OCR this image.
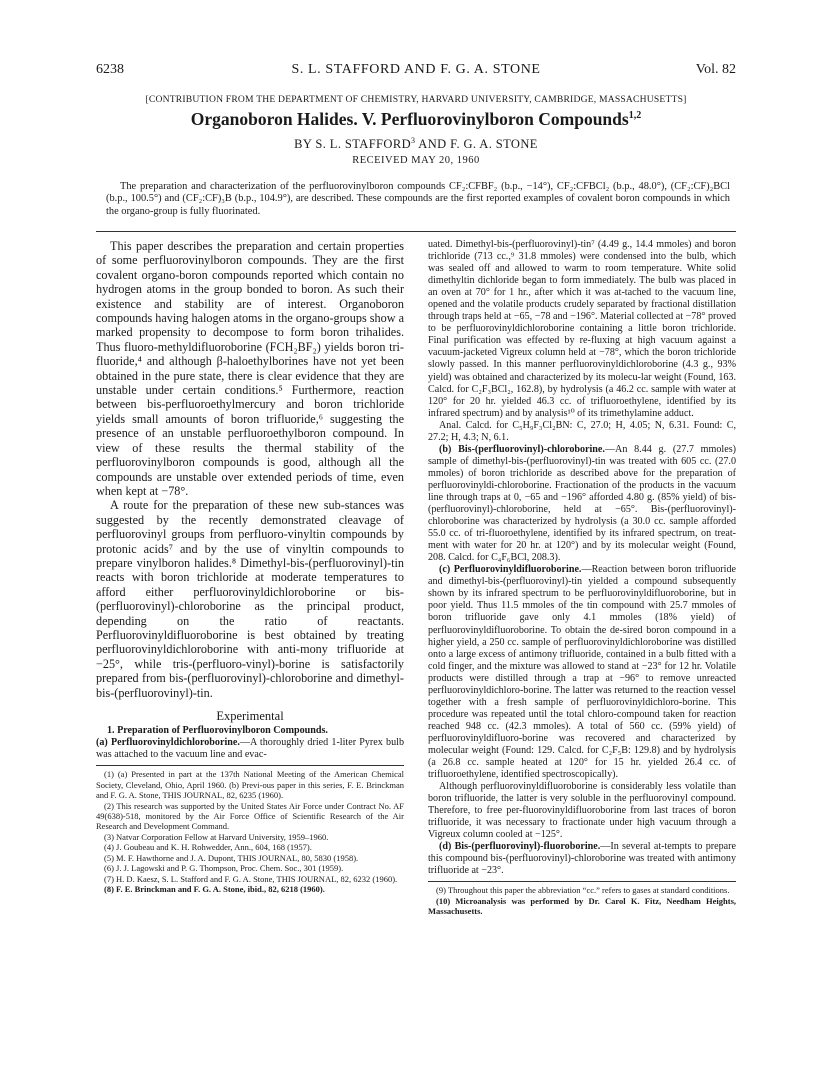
6238	S. L. STAFFORD AND F. G. A. STONE	Vol. 82
[CONTRIBUTION FROM THE DEPARTMENT OF CHEMISTRY, HARVARD UNIVERSITY, CAMBRIDGE, MASSACHUSETTS]
Organoboron Halides. V. Perfluorovinylboron Compounds$^{1,2}$
BY S. L. STAFFORD$^3$ AND F. G. A. STONE
RECEIVED MAY 20, 1960
The preparation and characterization of the perfluorovinylboron compounds CF₂:CFBF₂ (b.p., −14°), CF₂:CFBCl₂ (b.p., 48.0°), (CF₂:CF)₂BCl (b.p., 100.5°) and (CF₂:CF)₃B (b.p., 104.9°), are described. These compounds are the first reported examples of covalent boron compounds in which the organo-group is fully fluorinated.

This paper describes the preparation and certain properties of some perfluorovinylboron compounds. They are the first covalent organo-boron compounds reported which contain no hydrogen atoms in the group bonded to boron. As such their existence and stability are of interest. Organoboron compounds having halogen atoms in the organo-groups show a marked propensity to decompose to form boron trihalides. Thus fluoro-methyldifluoroborine (FCH₂BF₂) yields boron tri-fluoride,⁴ and although β-haloethylborines have not yet been obtained in the pure state, there is clear evidence that they are unstable under certain conditions.⁵ Furthermore, reaction between bis-perfluoroethylmercury and boron trichloride yields small amounts of boron trifluoride,⁶ suggesting the presence of an unstable perfluoroethylboron compound. In view of these results the thermal stability of the perfluorovinylboron compounds is good, although all the compounds are unstable over extended periods of time, even when kept at −78°.

A route for the preparation of these new sub-stances was suggested by the recently demonstrated cleavage of perfluorovinyl groups from perfluoro-vinyltin compounds by protonic acids⁷ and by the use of vinyltin compounds to prepare vinylboron halides.⁸ Dimethyl-bis-(perfluorovinyl)-tin reacts with boron trichloride at moderate temperatures to afford either perfluorovinyldichloroborine or bis-(perfluorovinyl)-chloroborine as the principal product, depending on the ratio of reactants. Perfluorovinyldifluoroborine is best obtained by treating perfluorovinyldichloroborine with anti-mony trifluoride at −25°, while tris-(perfluoro-vinyl)-borine is satisfactorily prepared from bis-(perfluorovinyl)-chloroborine and dimethyl-bis-(perfluorovinyl)-tin.

Experimental

1. Preparation of Perfluorovinylboron Compounds.
(a) Perfluorovinyldichloroborine.—A thoroughly dried 1-liter Pyrex bulb was attached to the vacuum line and evac-

(1) (a) Presented in part at the 137th National Meeting of the American Chemical Society, Cleveland, Ohio, April 1960. (b) Previ-ous paper in this series, F. E. Brinckman and F. G. A. Stone, THIS JOURNAL, 82, 6235 (1960).

(2) This research was supported by the United States Air Force under Contract No. AF 49(638)-518, monitored by the Air Force Office of Scientific Research of the Air Research and Development Command.

(3) Natvar Corporation Fellow at Harvard University, 1959–1960.

(4) J. Goubeau and K. H. Rohwedder, Ann., 604, 168 (1957).

(5) M. F. Hawthorne and J. A. Dupont, THIS JOURNAL, 80, 5830 (1958).

(6) J. J. Lagowski and P. G. Thompson, Proc. Chem. Soc., 301 (1959).

(7) H. D. Kaesz, S. L. Stafford and F. G. A. Stone, THIS JOURNAL, 82, 6232 (1960).

(8) F. E. Brinckman and F. G. A. Stone, ibid., 82, 6218 (1960).

uated. Dimethyl-bis-(perfluorovinyl)-tin⁷ (4.49 g., 14.4 mmoles) and boron trichloride (713 cc.,⁹ 31.8 mmoles) were condensed into the bulb, which was sealed off and allowed to warm to room temperature. White solid dimethyltin dichloride began to form immediately. The bulb was placed in an oven at 70° for 1 hr., after which it was at-tached to the vacuum line, opened and the volatile products crudely separated by fractional distillation through traps held at −65, −78 and −196°. Material collected at −78° proved to be perfluorovinyldichloroborine containing a little boron trichloride. Final purification was effected by re-fluxing at high vacuum against a vacuum-jacketed Vigreux column held at −78°, which the boron trichloride slowly passed. In this manner perfluorovinyldichloroborine (4.3 g., 93% yield) was obtained and characterized by its molecu-lar weight (Found, 163. Calcd. for C₂F₃BCl₂, 162.8), by hydrolysis (a 46.2 cc. sample with water at 120° for 20 hr. yielded 46.3 cc. of trifluoroethylene, identified by its infrared spectrum) and by analysis¹⁰ of its trimethylamine adduct.

Anal. Calcd. for C₅H₉F₃Cl₂BN: C, 27.0; H, 4.05; N, 6.31. Found: C, 27.2; H, 4.3; N, 6.1.

(b) Bis-(perfluorovinyl)-chloroborine.—An 8.44 g. (27.7 mmoles) sample of dimethyl-bis-(perfluorovinyl)-tin was treated with 605 cc. (27.0 mmoles) of boron trichloride as described above for the preparation of perfluorovinyldi-chloroborine. Fractionation of the products in the vacuum line through traps at 0, −65 and −196° afforded 4.80 g. (85% yield) of bis-(perfluorovinyl)-chloroborine, held at −65°. Bis-(perfluorovinyl)-chloroborine was characterized by hydrolysis (a 30.0 cc. sample afforded 55.0 cc. of tri-fluoroethylene, identified by its infrared spectrum, on treat-ment with water for 20 hr. at 120°) and by its molecular weight (Found, 208. Calcd. for C₄F₆BCl, 208.3).

(c) Perfluorovinyldifluoroborine.—Reaction between boron trifluoride and dimethyl-bis-(perfluorovinyl)-tin yielded a compound subsequently shown by its infrared spectrum to be perfluorovinyldifluoroborine, but in poor yield. Thus 11.5 mmoles of the tin compound with 25.7 mmoles of boron trifluoride gave only 4.1 mmoles (18% yield) of perfluorovinyldifluoroborine. To obtain the de-sired boron compound in a higher yield, a 250 cc. sample of perfluorovinyldichloroborine was distilled onto a large excess of antimony trifluoride, contained in a bulb fitted with a cold finger, and the mixture was allowed to stand at −23° for 12 hr. Volatile products were distilled through a trap at −96° to remove unreacted perfluorovinyldichloro-borine. The latter was returned to the reaction vessel together with a fresh sample of perfluorovinyldichloro-borine. This procedure was repeated until the total chloro-compound taken for reaction reached 948 cc. (42.3 mmoles). A total of 560 cc. (59% yield) of perfluorovinyldifluoro-borine was recovered and characterized by molecular weight (Found: 129. Calcd. for C₂F₅B: 129.8) and by hydrolysis (a 26.8 cc. sample heated at 120° for 15 hr. yielded 26.4 cc. of trifluoroethylene, identified spectroscopically).

Although perfluorovinyldifluoroborine is considerably less volatile than boron trifluoride, the latter is very soluble in the perfluorovinyl compound. Therefore, to free per-fluorovinyldifluoroborine from last traces of boron trifluoride, it was necessary to fractionate under high vacuum through a Vigreux column cooled at −125°.

(d) Bis-(perfluorovinyl)-fluoroborine.—In several at-tempts to prepare this compound bis-(perfluorovinyl)-chloroborine was treated with antimony trifluoride at −23°.

(9) Throughout this paper the abbreviation “cc.” refers to gases at standard conditions.

(10) Microanalysis was performed by Dr. Carol K. Fitz, Needham Heights, Massachusetts.
